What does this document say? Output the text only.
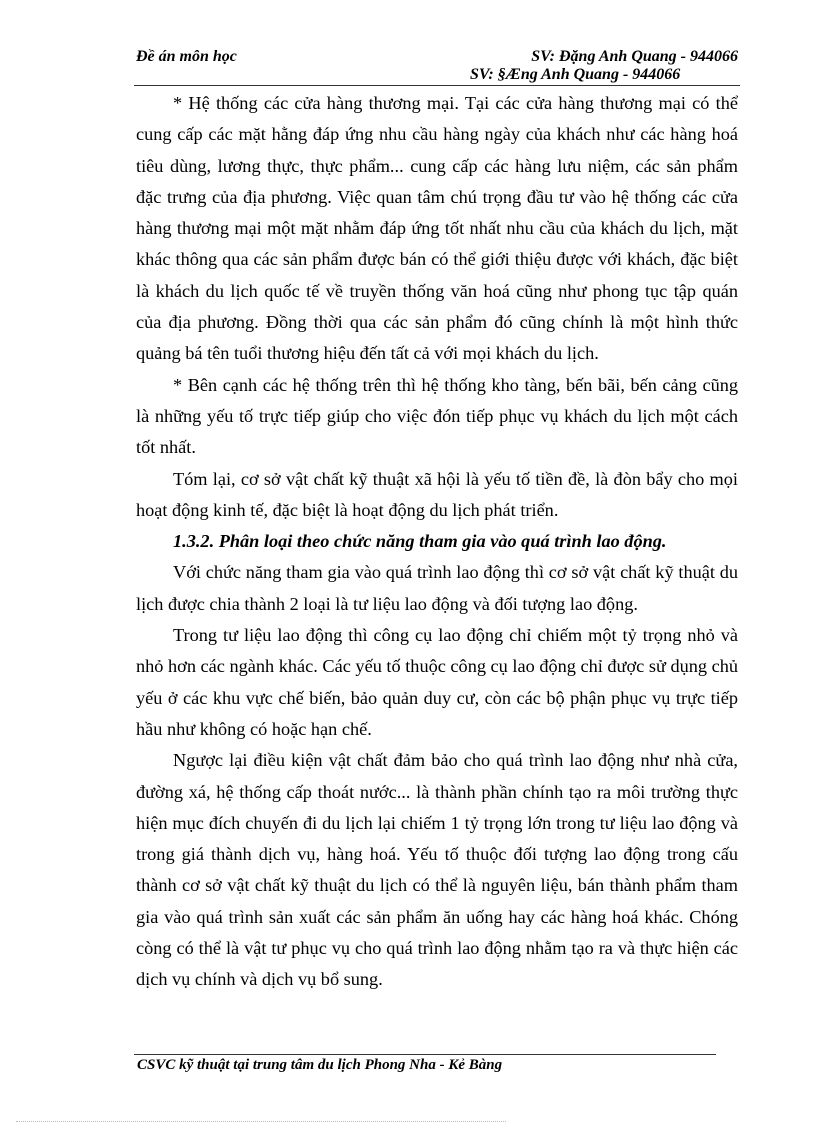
Đề án môn học	SV: Đặng Anh Quang - 944066
SV: §Æng Anh Quang - 944066

* Hệ thống các cửa hàng thương mại. Tại các cửa hàng thương mại có thể cung cấp các mặt hằng đáp ứng nhu cầu hàng ngày của khách như các hàng hoá tiêu dùng, lương thực, thực phẩm... cung cấp các hàng lưu niệm, các sản phẩm đặc trưng của địa phương. Việc quan tâm chú trọng đầu tư vào hệ thống các cửa hàng thương mại một mặt nhằm đáp ứng tốt nhất nhu cầu của khách du lịch, mặt khác thông qua các sản phẩm được bán có thể giới thiệu được với khách, đặc biệt là khách du lịch quốc tế về truyền thống văn hoá cũng như phong tục tập quán của địa phương. Đồng thời qua các sản phẩm đó cũng chính là một hình thức quảng bá tên tuổi thương hiệu đến tất cả với mọi khách du lịch.

* Bên cạnh các hệ thống trên thì hệ thống kho tàng, bến bãi, bến cảng cũng là những yếu tố trực tiếp giúp cho việc đón tiếp phục vụ khách du lịch một cách tốt nhất.

Tóm lại, cơ sở vật chất kỹ thuật xã hội là yếu tố tiền đề, là đòn bẩy cho mọi hoạt động kinh tế, đặc biệt là hoạt động du lịch phát triển.

1.3.2. Phân loại theo chức năng tham gia vào quá trình lao động.

Với chức năng tham gia vào quá trình lao động thì cơ sở vật chất kỹ thuật du lịch được chia thành 2 loại là tư liệu lao động và đối tượng lao động.

Trong tư liệu lao động thì công cụ lao động chỉ chiếm một tỷ trọng nhỏ và nhỏ hơn các ngành khác. Các yếu tố thuộc công cụ lao động chỉ được sử dụng chủ yếu ở các khu vực chế biến, bảo quản duy cư, còn các bộ phận phục vụ trực tiếp hầu như không có hoặc hạn chế.

Ngược lại điều kiện vật chất đảm bảo cho quá trình lao động như nhà cửa, đường xá, hệ thống cấp thoát nước... là thành phần chính tạo ra môi trường thực hiện mục đích chuyến đi du lịch lại chiếm 1 tỷ trọng lớn trong tư liệu lao động và trong giá thành dịch vụ, hàng hoá. Yếu tố thuộc đối tượng lao động trong cấu thành cơ sở vật chất kỹ thuật du lịch có thể là nguyên liệu, bán thành phẩm tham gia vào quá trình sản xuất các sản phẩm ăn uống hay các hàng hoá khác. Chóng còng có thể là vật tư phục vụ cho quá trình lao động nhằm tạo ra và thực hiện các dịch vụ chính và dịch vụ bổ sung.

CSVC kỹ thuật tại trung tâm du lịch Phong Nha - Kẻ Bàng
